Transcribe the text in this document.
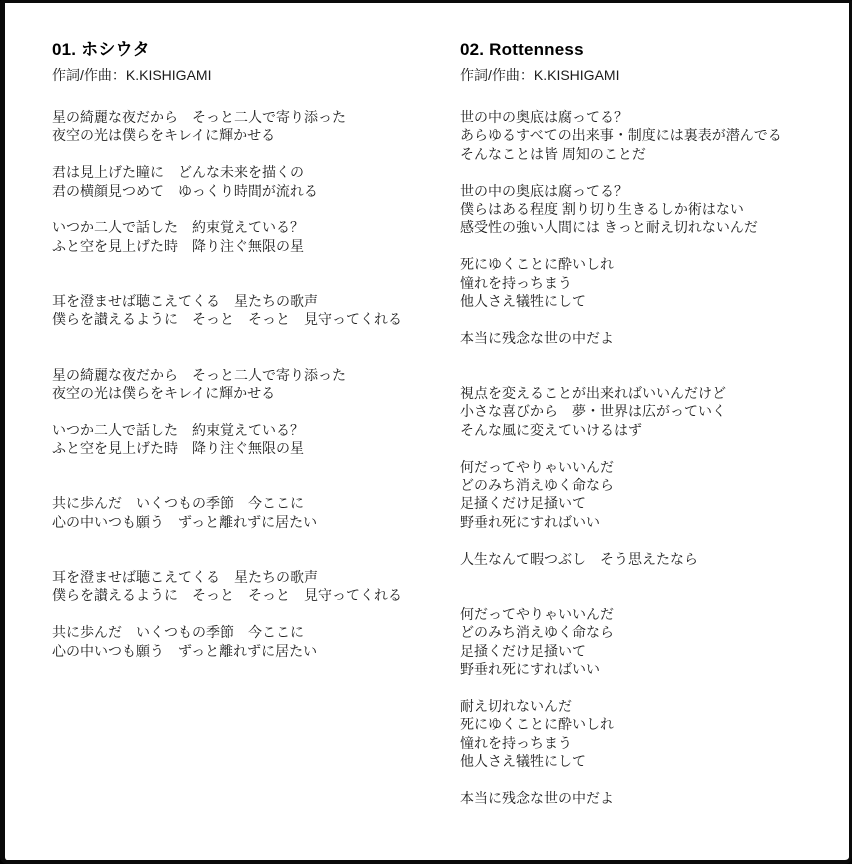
01. ホシウタ

作詞/作曲：K.KISHIGAMI

星の綺麗な夜だから　そっと二人で寄り添った

夜空の光は僕らをキレイに輝かせる

君は見上げた瞳に　どんな未来を描くの

君の横顔見つめて　ゆっくり時間が流れる

いつか二人で話した　約束覚えている？

ふと空を見上げた時　降り注ぐ無限の星

耳を澄ませば聴こえてくる　星たちの歌声

僕らを讃えるように　そっと　そっと　見守ってくれる

星の綺麗な夜だから　そっと二人で寄り添った

夜空の光は僕らをキレイに輝かせる

いつか二人で話した　約束覚えている？

ふと空を見上げた時　降り注ぐ無限の星

共に歩んだ　いくつもの季節　今ここに

心の中いつも願う　ずっと離れずに居たい

耳を澄ませば聴こえてくる　星たちの歌声

僕らを讃えるように　そっと　そっと　見守ってくれる

共に歩んだ　いくつもの季節　今ここに

心の中いつも願う　ずっと離れずに居たい

02. Rottenness

作詞/作曲：K.KISHIGAMI

世の中の奥底は腐ってる？

あらゆるすべての出来事・制度には裏表が潜んでる

そんなことは皆 周知のことだ

世の中の奥底は腐ってる？

僕らはある程度 割り切り生きるしか術はない

感受性の強い人間には きっと耐え切れないんだ

死にゆくことに酔いしれ

憧れを持っちまう

他人さえ犠牲にして

本当に残念な世の中だよ

視点を変えることが出来ればいいんだけど

小さな喜びから　夢・世界は広がっていく

そんな風に変えていけるはず

何だってやりゃいいんだ

どのみち消えゆく命なら

足掻くだけ足掻いて

野垂れ死にすればいい

人生なんて暇つぶし　そう思えたなら

何だってやりゃいいんだ

どのみち消えゆく命なら

足掻くだけ足掻いて

野垂れ死にすればいい

耐え切れないんだ

死にゆくことに酔いしれ

憧れを持っちまう

他人さえ犠牲にして

本当に残念な世の中だよ
